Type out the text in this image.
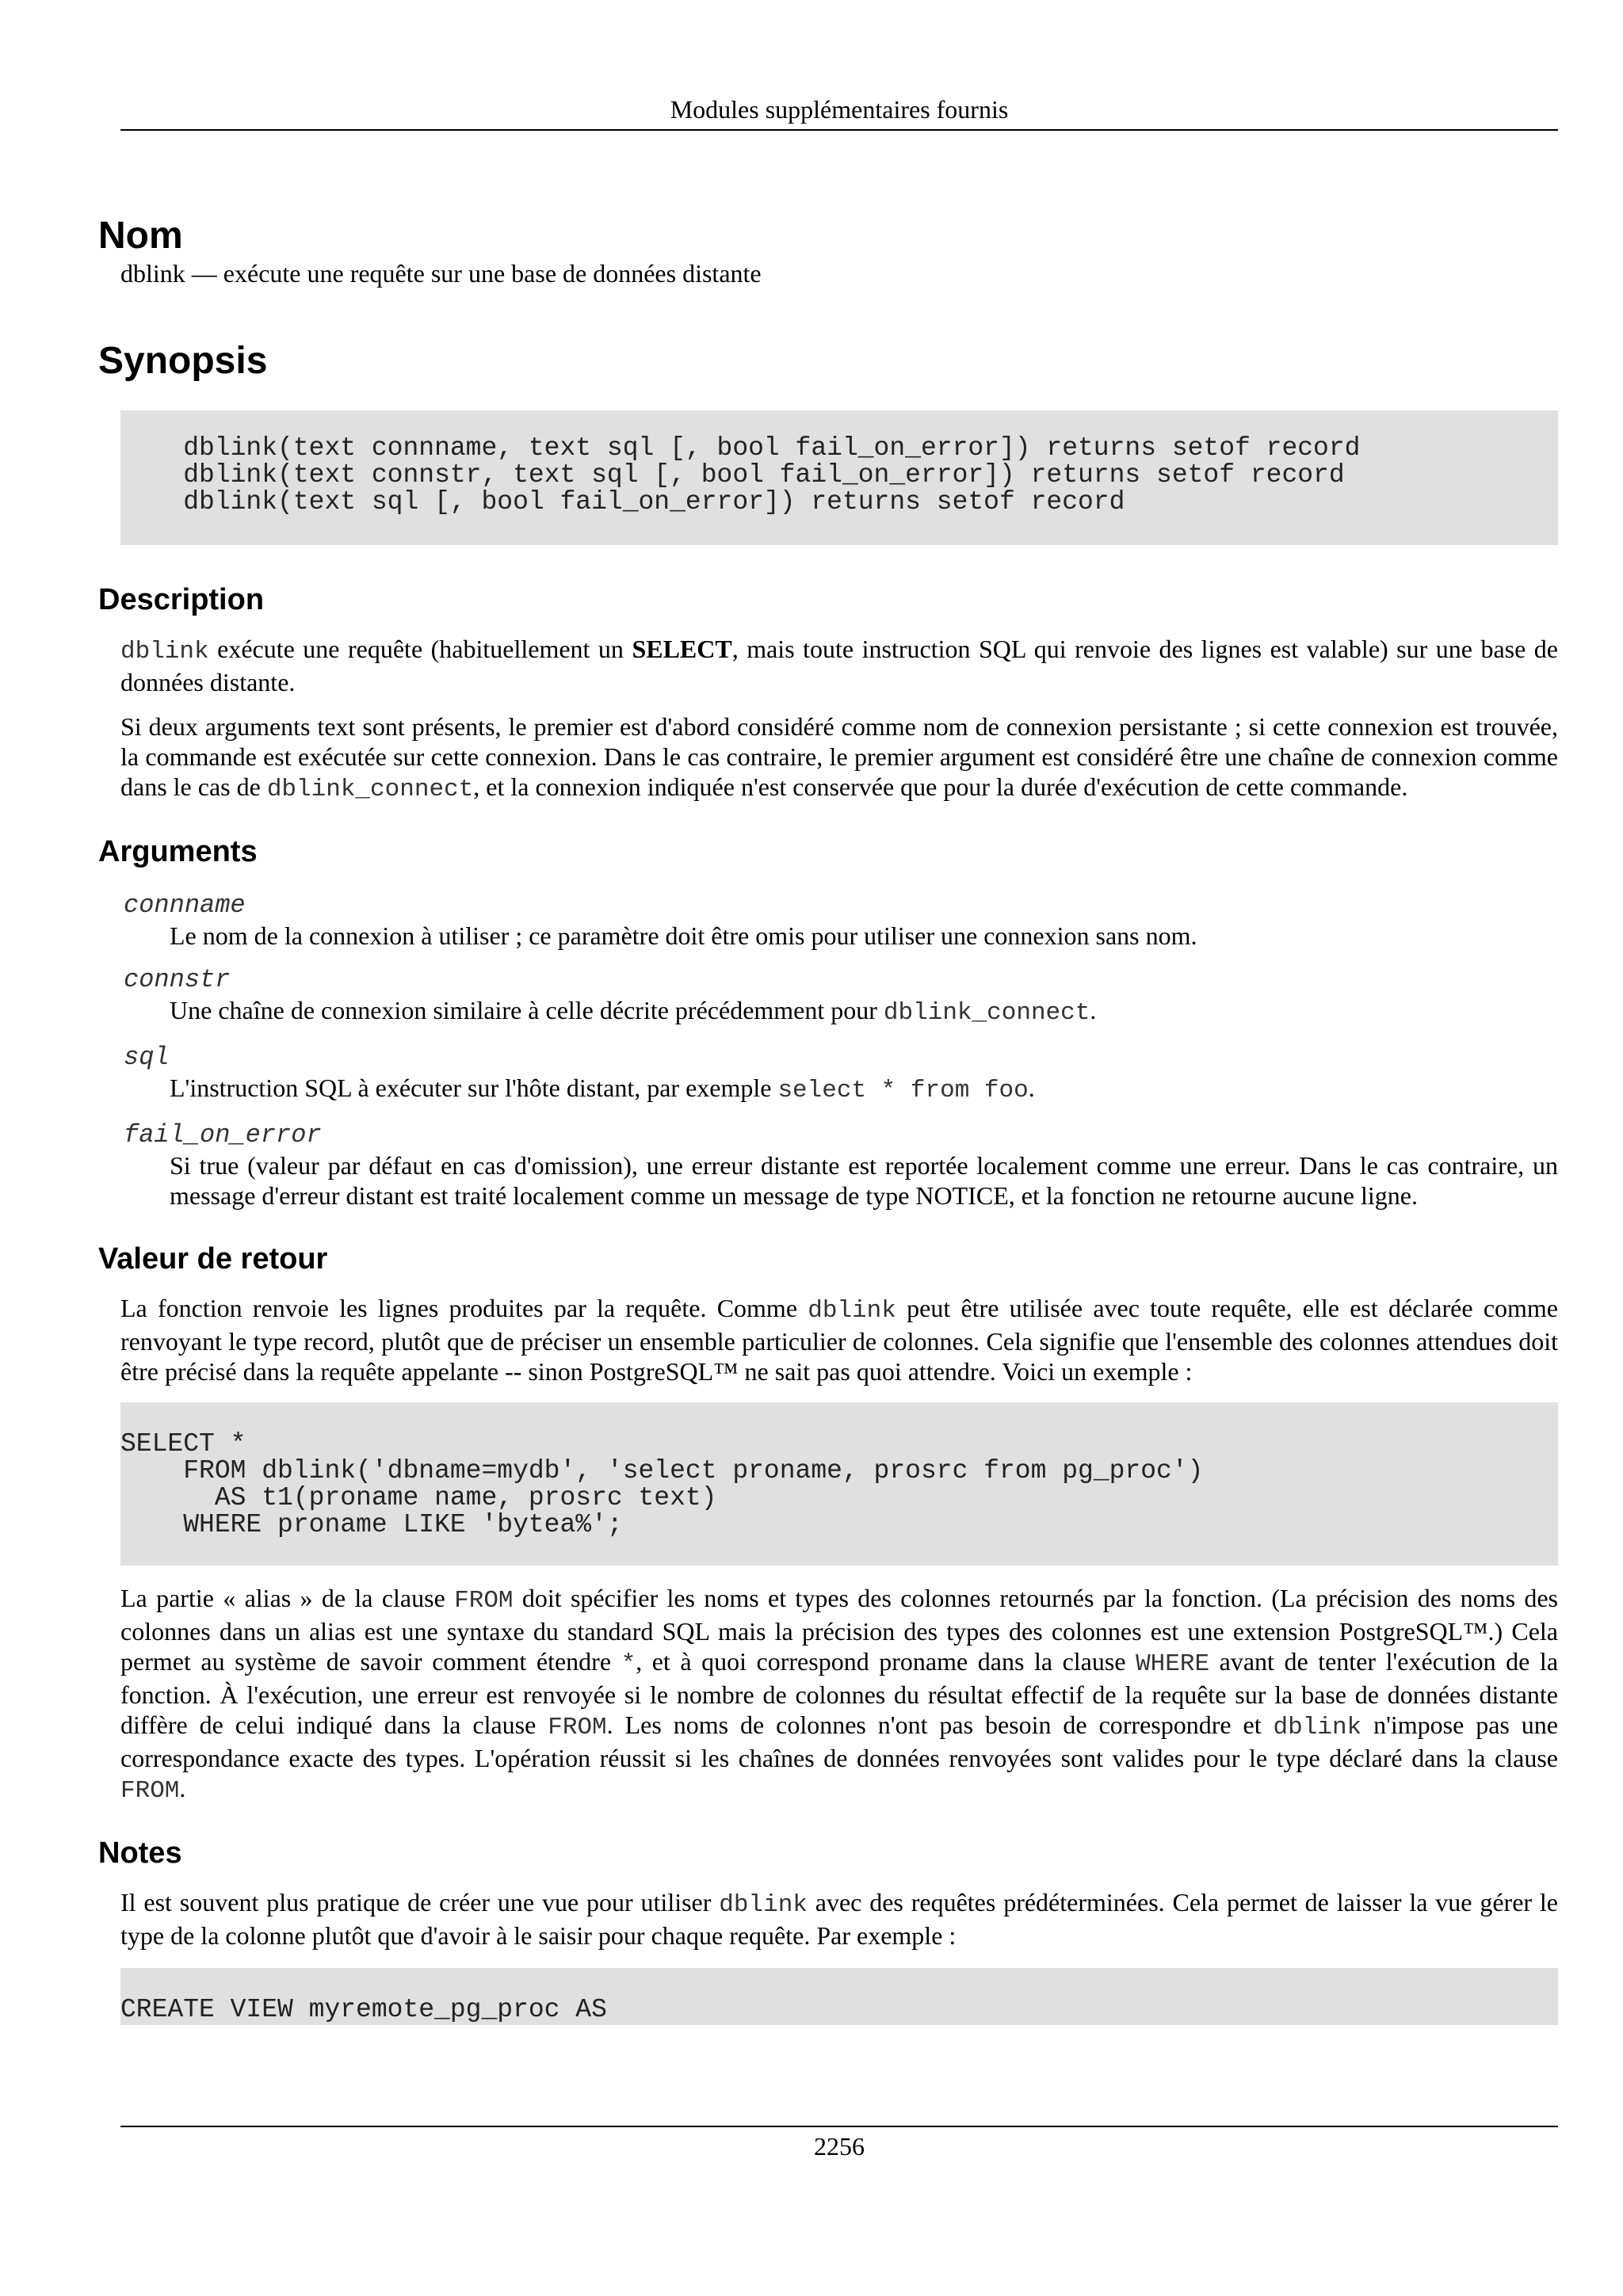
Modules supplémentaires fournis
Nom

dblink — exécute une requête sur une base de données distante

Synopsis
dblink(text connname, text sql [, bool fail_on_error]) returns setof record
dblink(text connstr, text sql [, bool fail_on_error]) returns setof record
dblink(text sql [, bool fail_on_error]) returns setof record
Description

dblink exécute une requête (habituellement un SELECT, mais toute instruction SQL qui renvoie des lignes est valable) sur une base de données distante.

Si deux arguments text sont présents, le premier est d'abord considéré comme nom de connexion persistante ; si cette connexion est trouvée, la commande est exécutée sur cette connexion. Dans le cas contraire, le premier argument est considéré être une chaîne de connexion comme dans le cas de dblink_connect, et la connexion indiquée n'est conservée que pour la durée d'exécution de cette commande.

Arguments
connname
Le nom de la connexion à utiliser ; ce paramètre doit être omis pour utiliser une connexion sans nom.
connstr
Une chaîne de connexion similaire à celle décrite précédemment pour dblink_connect.
sql
L'instruction SQL à exécuter sur l'hôte distant, par exemple select * from foo.
fail_on_error
Si true (valeur par défaut en cas d'omission), une erreur distante est reportée localement comme une erreur. Dans le cas contraire, un message d'erreur distant est traité localement comme un message de type NOTICE, et la fonction ne retourne aucune ligne.
Valeur de retour

La fonction renvoie les lignes produites par la requête. Comme dblink peut être utilisée avec toute requête, elle est déclarée comme renvoyant le type record, plutôt que de préciser un ensemble particulier de colonnes. Cela signifie que l'ensemble des colonnes attendues doit être précisé dans la requête appelante -- sinon PostgreSQL™ ne sait pas quoi attendre. Voici un exemple :

SELECT *
FROM dblink('dbname=mydb', 'select proname, prosrc from pg_proc')
AS t1(proname name, prosrc text)
WHERE proname LIKE 'bytea%';

La partie « alias » de la clause FROM doit spécifier les noms et types des colonnes retournés par la fonction. (La précision des noms des colonnes dans un alias est une syntaxe du standard SQL mais la précision des types des colonnes est une extension PostgreSQL™.) Cela permet au système de savoir comment étendre *, et à quoi correspond proname dans la clause WHERE avant de tenter l'exécution de la fonction. À l'exécution, une erreur est renvoyée si le nombre de colonnes du résultat effectif de la requête sur la base de données distante diffère de celui indiqué dans la clause FROM. Les noms de colonnes n'ont pas besoin de correspondre et dblink n'impose pas une correspondance exacte des types. L'opération réussit si les chaînes de données renvoyées sont valides pour le type déclaré dans la clause FROM.

Notes

Il est souvent plus pratique de créer une vue pour utiliser dblink avec des requêtes prédéterminées. Cela permet de laisser la vue gérer le type de la colonne plutôt que d'avoir à le saisir pour chaque requête. Par exemple :

CREATE VIEW myremote_pg_proc AS
2256
